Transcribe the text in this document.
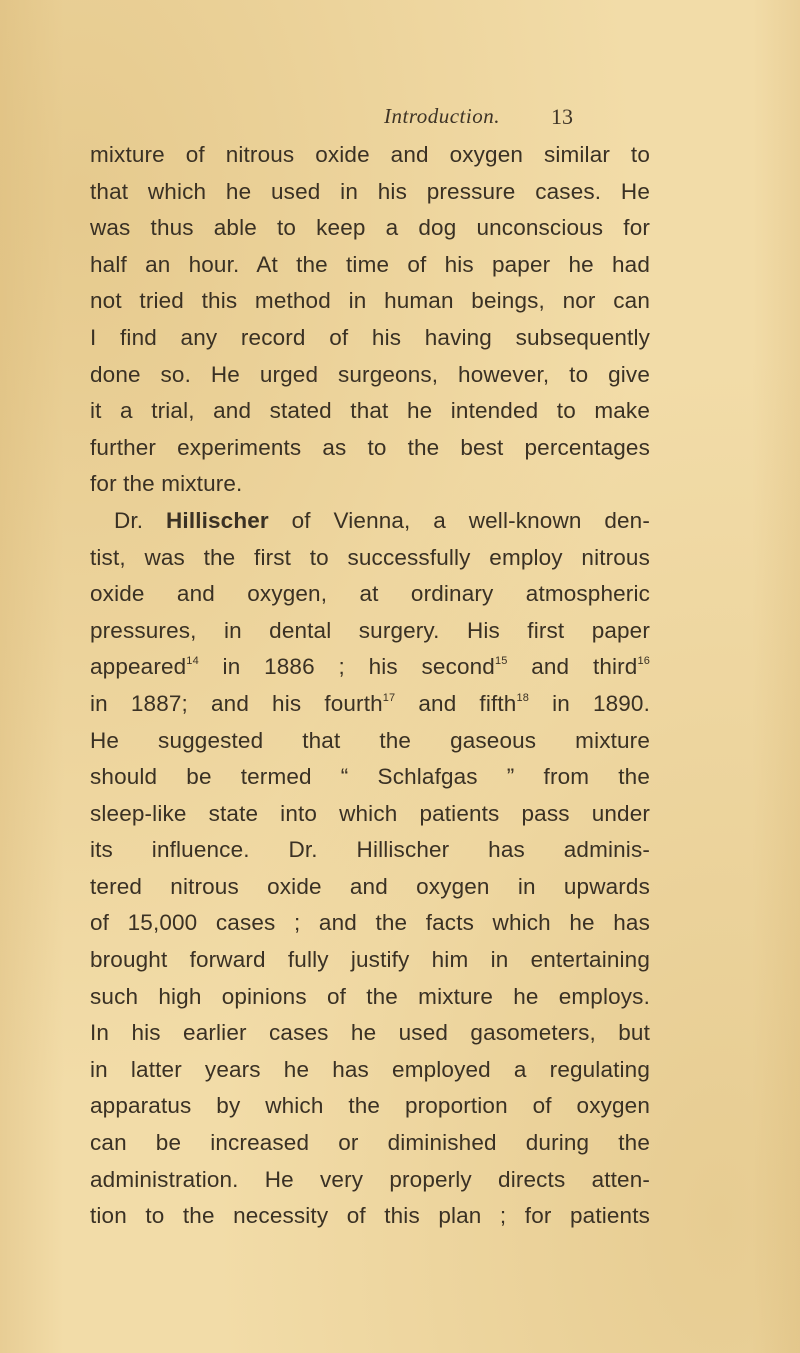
Introduction. 13
mixture of nitrous oxide and oxygen similar to
that which he used in his pressure cases. He
was thus able to keep a dog unconscious for
half an hour. At the time of his paper he had
not tried this method in human beings, nor can
I find any record of his having subsequently
done so. He urged surgeons, however, to give
it a trial, and stated that he intended to make
further experiments as to the best percentages
for the mixture.
Dr. Hillischer of Vienna, a well-known den-
tist, was the first to successfully employ nitrous
oxide and oxygen, at ordinary atmospheric
pressures, in dental surgery. His first paper
appeared$^{14}$ in 1886 ; his second$^{15}$ and third$^{16}$
in 1887; and his fourth$^{17}$ and fifth$^{18}$ in 1890.
He suggested that the gaseous mixture
should be termed “ Schlafgas ” from the
sleep-like state into which patients pass under
its influence. Dr. Hillischer has adminis-
tered nitrous oxide and oxygen in upwards
of 15,000 cases ; and the facts which he has
brought forward fully justify him in entertaining
such high opinions of the mixture he employs.
In his earlier cases he used gasometers, but
in latter years he has employed a regulating
apparatus by which the proportion of oxygen
can be increased or diminished during the
administration. He very properly directs atten-
tion to the necessity of this plan ; for patients
